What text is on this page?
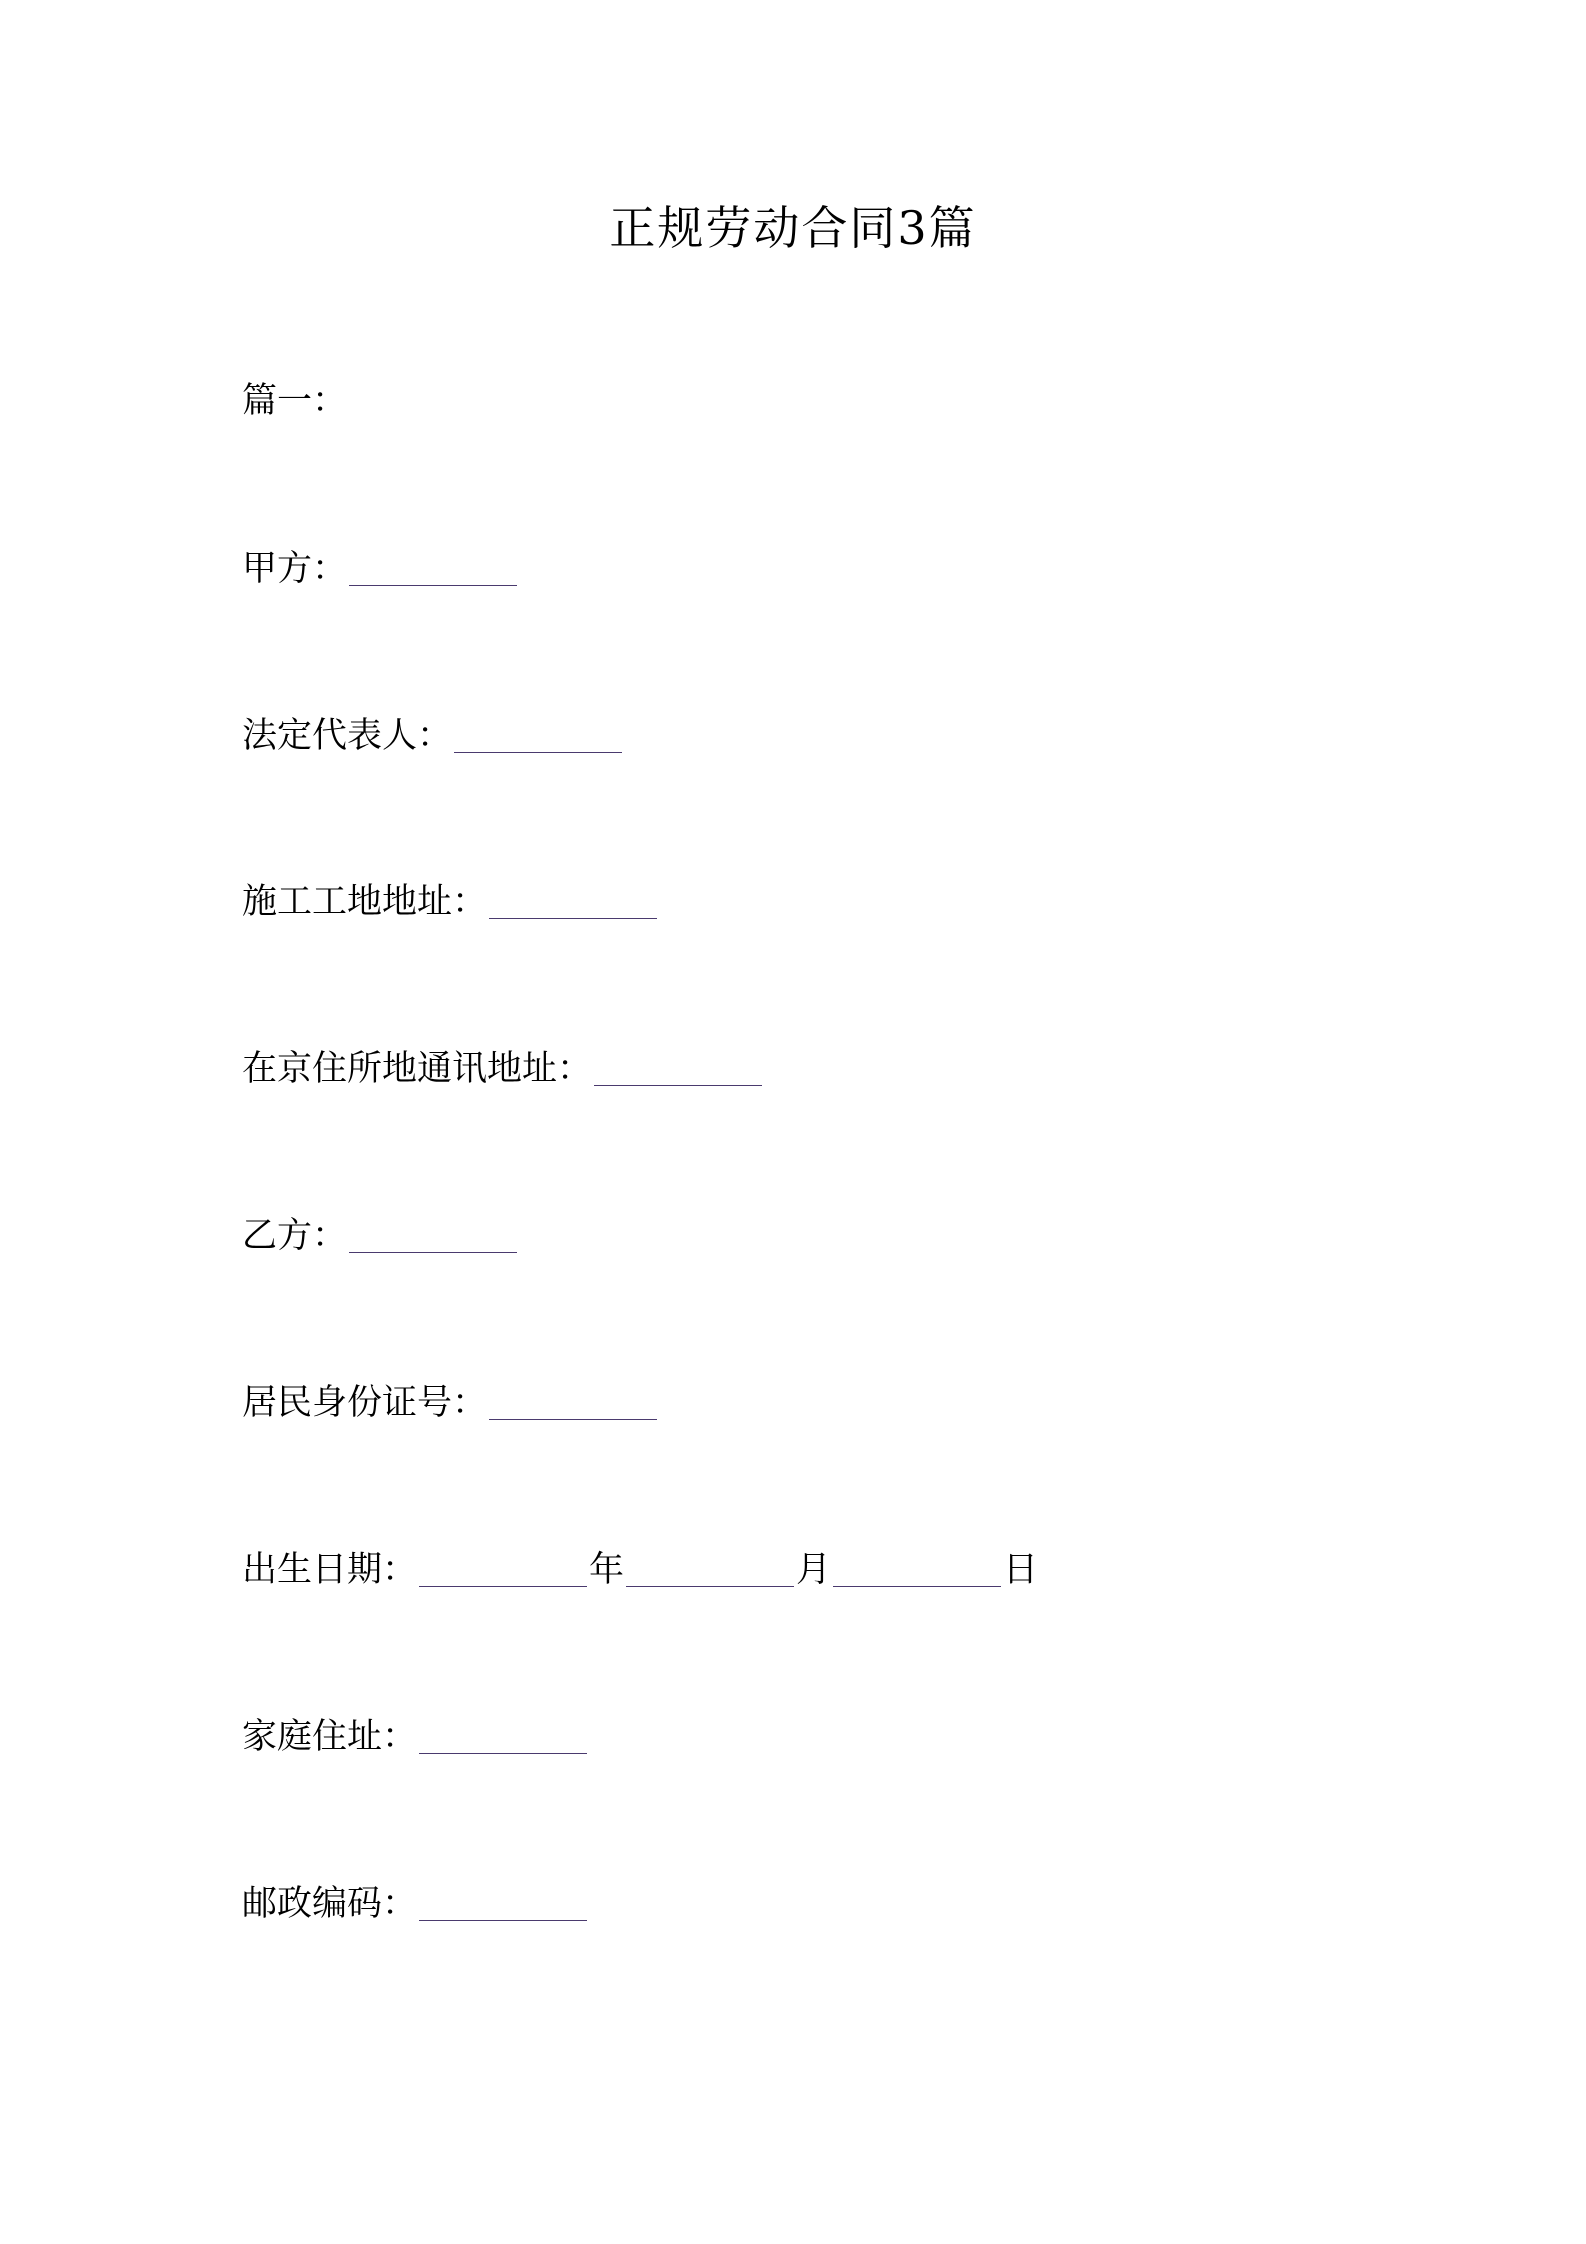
正规劳动合同3篇
篇一：
甲方：
法定代表人：
施工工地地址：
在京住所地通讯地址：
乙方：
居民身份证号：
出生日期：	年	月	日
家庭住址：
邮政编码：
